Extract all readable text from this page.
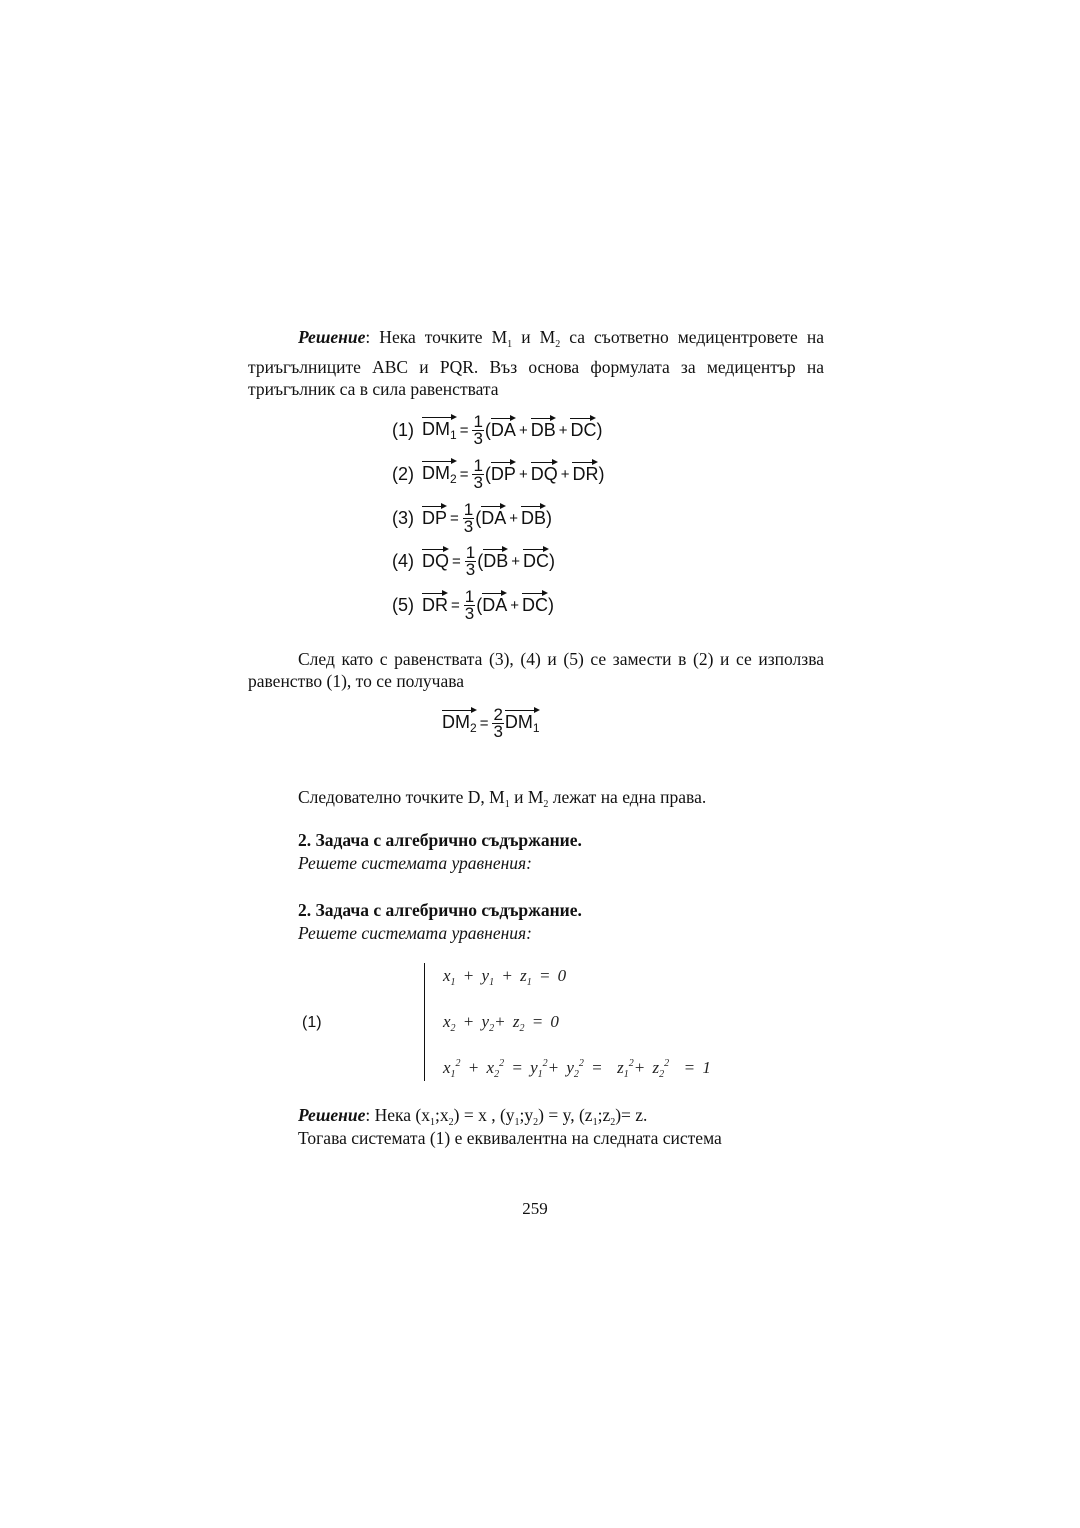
Решение: Нека точките $M_1$ и $M_2$ са съответно медицентровете на триъгълниците ABC и PQR. Въз основа формулата за медицентър на триъгълник са в сила равенствата
(1) $DM_1 = \frac{1}{3}$ ( DA + DB + DC )
(2) $DM_2 = \frac{1}{3}$ ( DP + DQ + DR )
(3) DP = $\frac{1}{3}$ ( DA + DB )
(4) DQ = $\frac{1}{3}$ ( DB + DC )
(5) DR = $\frac{1}{3}$ ( DA + DC )
След като с равенствата (3), (4) и (5) се замести в (2) и се използва равенство (1), то се получава
$DM_2 = \frac{2}{3} DM_1$
Следователно точките D, $M_1$ и $M_2$ лежат на една права.
2. Задача с алгебрично съдържание.
Решете системата уравнения:
2. Задача с алгебрично съдържание.
Решете системата уравнения:
(1)
$x_1 + y_1 + z_1 = 0$
$x_2 + y_2+ z_2 = 0$
$x_1^2 + x_2^2 = y_1^2+ y_2^2 = z_1^2+ z_2^2 = 1$
Решение: Нека $(x_1;x_2) = x$ , $(y_1;y_2) = y$, $(z_1;z_2)= z$.
Тогава системата (1) е еквивалентна на следната система
259
